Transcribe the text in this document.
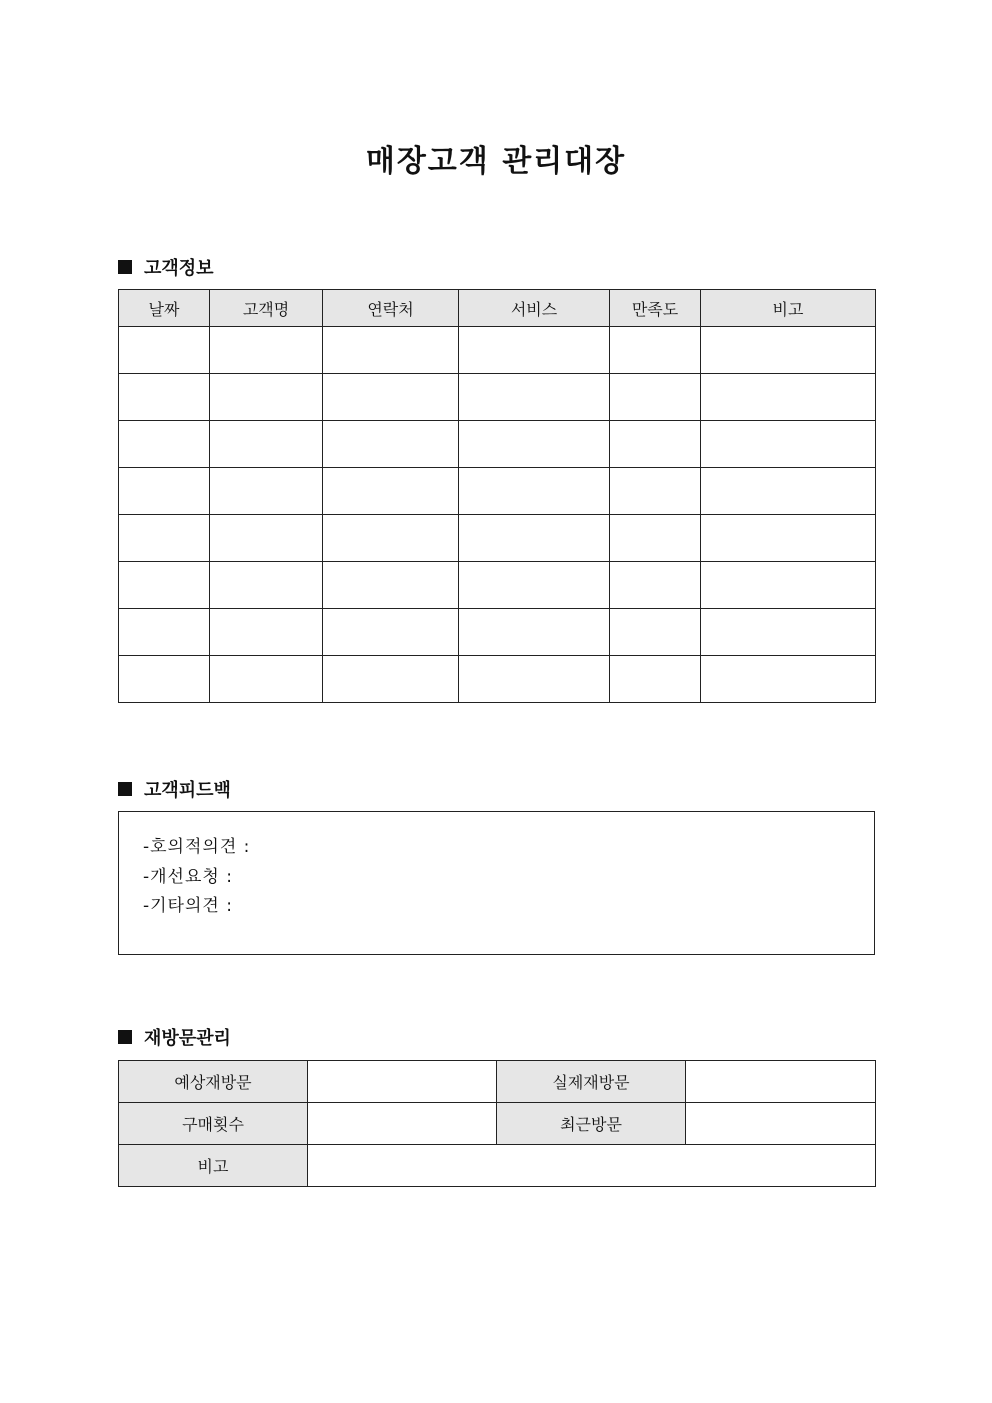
매장고객 관리대장
고객정보
날짜	고객명	연락처	서비스	만족도	비고

고객피드백
-호의적의견 :
-개선요청 :
-기타의견 :
재방문관리
예상재방문		실제재방문	
구매횟수		최근방문	
비고			
